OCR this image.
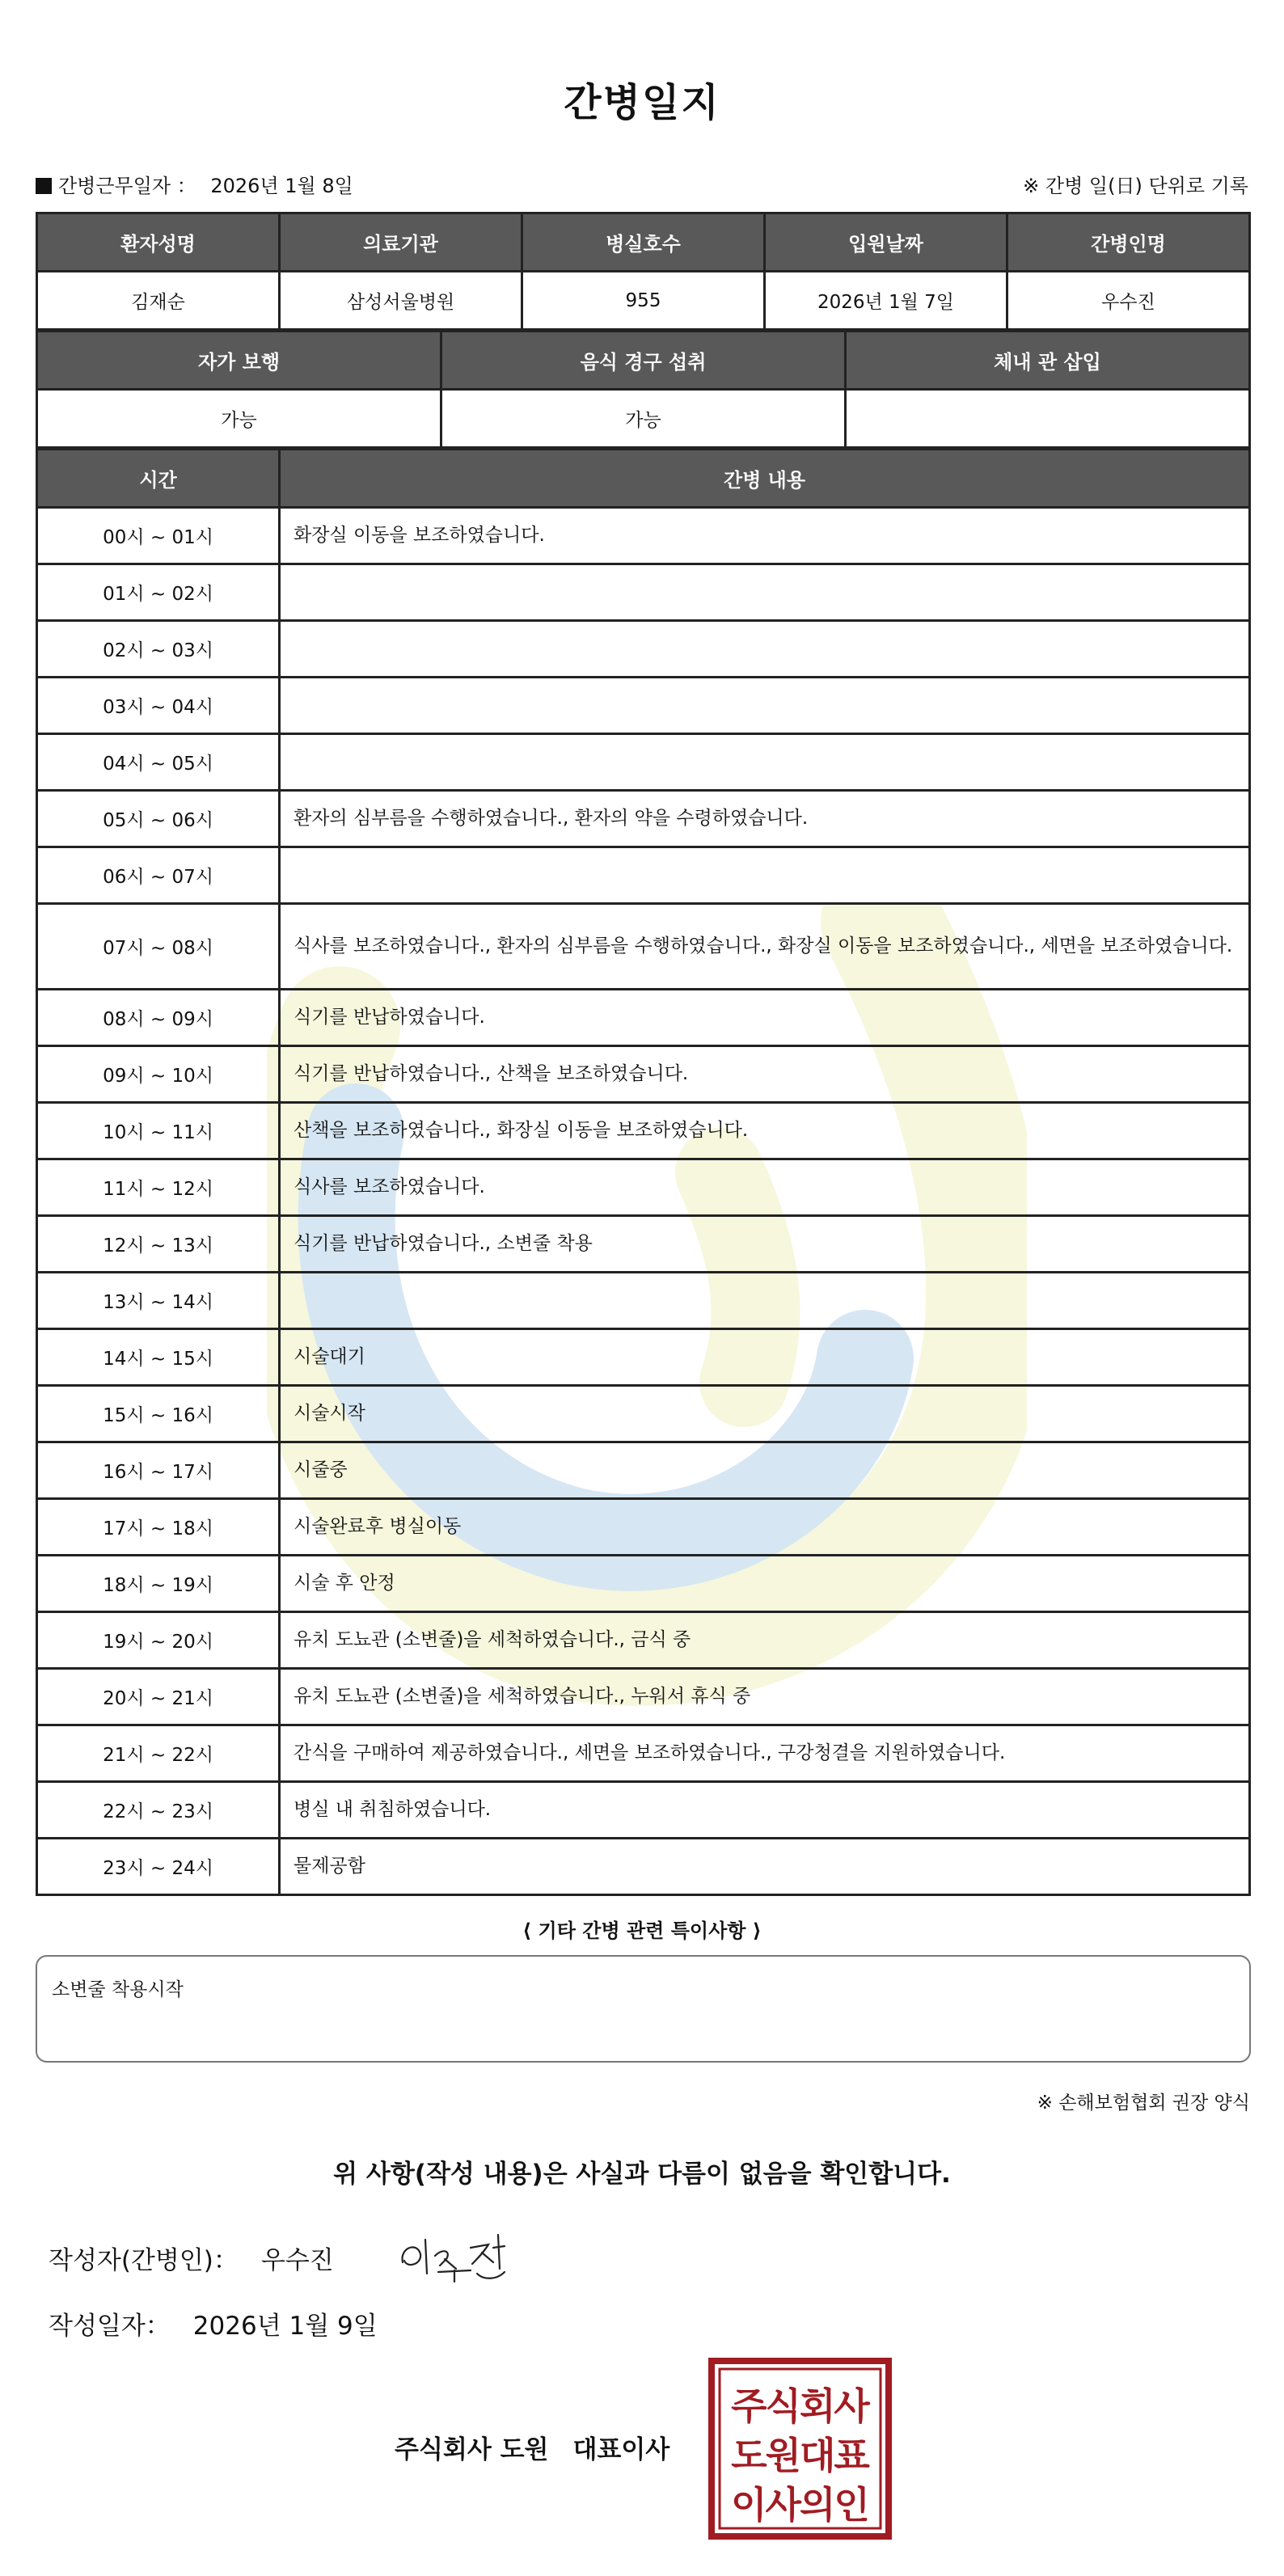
간병일지
간병근무일자 ： 2026년 1월 8일	※ 간병 일(日) 단위로 기록
환자성명	의료기관	병실호수	입원날짜	간병인명
김재순	삼성서울병원	955	2026년 1월 7일	우수진
자가 보행	음식 경구 섭취	체내 관 삽입
가능	가능	
시간	간병 내용
00시 ~ 01시	화장실 이동을 보조하였습니다.
01시 ~ 02시	
02시 ~ 03시	
03시 ~ 04시	
04시 ~ 05시	
05시 ~ 06시	환자의 심부름을 수행하였습니다., 환자의 약을 수령하였습니다.
06시 ~ 07시	
07시 ~ 08시	식사를 보조하였습니다., 환자의 심부름을 수행하였습니다., 화장실 이동을 보조하였습니다., 세면을 보조하였습니다.
08시 ~ 09시	식기를 반납하였습니다.
09시 ~ 10시	식기를 반납하였습니다., 산책을 보조하였습니다.
10시 ~ 11시	산책을 보조하였습니다., 화장실 이동을 보조하였습니다.
11시 ~ 12시	식사를 보조하였습니다.
12시 ~ 13시	식기를 반납하였습니다., 소변줄 착용
13시 ~ 14시	
14시 ~ 15시	시술대기
15시 ~ 16시	시술시작
16시 ~ 17시	시줄중
17시 ~ 18시	시술완료후 병실이동
18시 ~ 19시	시술 후 안정
19시 ~ 20시	유치 도뇨관 (소변줄)을 세척하였습니다., 금식 중
20시 ~ 21시	유치 도뇨관 (소변줄)을 세척하였습니다., 누워서 휴식 중
21시 ~ 22시	간식을 구매하여 제공하였습니다., 세면을 보조하였습니다., 구강청결을 지원하였습니다.
22시 ~ 23시	병실 내 취침하였습니다.
23시 ~ 24시	물제공함
⟨ 기타 간병 관련 특이사항 ⟩
소변줄 착용시작
※ 손해보험협회 권장 양식
위 사항(작성 내용)은 사실과 다름이 없음을 확인합니다.
작성자(간병인)： 우수진
작성일자： 2026년 1월 9일
주식회사 도원 대표이사
주식회사
도원대표
이사의인
